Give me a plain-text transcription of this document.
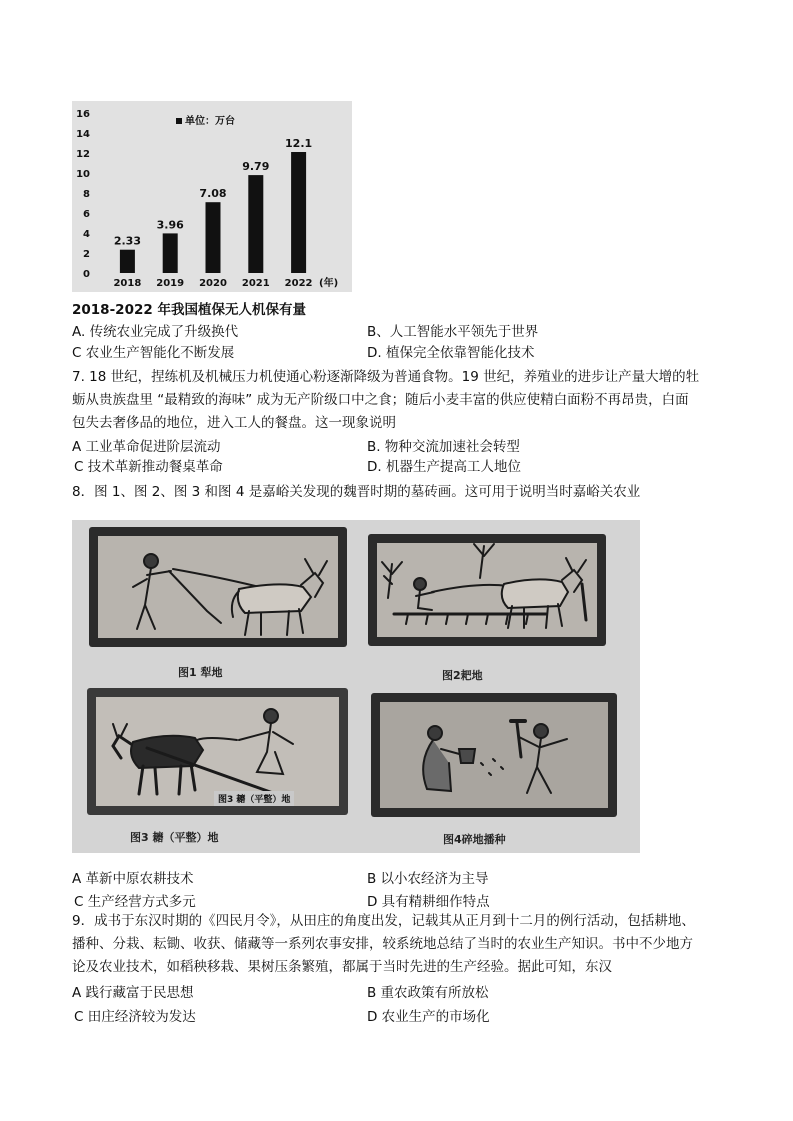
0
2
4
6
8
10
12
14
16
2.33
2018
3.96
2019
7.08
2020
9.79
2021
12.1
2022
单位：万台
(年)
2018-2022 年我国植保无人机保有量
A. 传统农业完成了升级换代	B、人工智能水平领先于世界
C 农业生产智能化不断发展	D. 植保完全依靠智能化技术
7. 18 世纪，捏练机及机械压力机使通心粉逐渐降级为普通食物。19 世纪，养殖业的进步让产量大增的牡
蛎从贵族盘里 “最精致的海味” 成为无产阶级口中之食；随后小麦丰富的供应使精白面粉不再昂贵，白面
包失去奢侈品的地位，进入工人的餐盘。这一现象说明
A 工业革命促进阶层流动	B. 物种交流加速社会转型
C 技术革新推动餐桌革命	D. 机器生产提高工人地位
8．图 1、图 2、图 3 和图 4 是嘉峪关发现的魏晋时期的墓砖画。这可用于说明当时嘉峪关农业
图1 犁地	图2耙地
图3 耱（平整）地
图3 耱（平整）地	图4碎地播种
A 革新中原农耕技术	B 以小农经济为主导
C 生产经营方式多元	D 具有精耕细作特点
9．成书于东汉时期的《四民月令》，从田庄的角度出发，记载其从正月到十二月的例行活动，包括耕地、
播种、分栽、耘锄、收获、储藏等一系列农事安排，较系统地总结了当时的农业生产知识。书中不少地方
论及农业技术，如稻秧移栽、果树压条繁殖，都属于当时先进的生产经验。据此可知，东汉
A 践行藏富于民思想	B 重农政策有所放松
C 田庄经济较为发达	D 农业生产的市场化
